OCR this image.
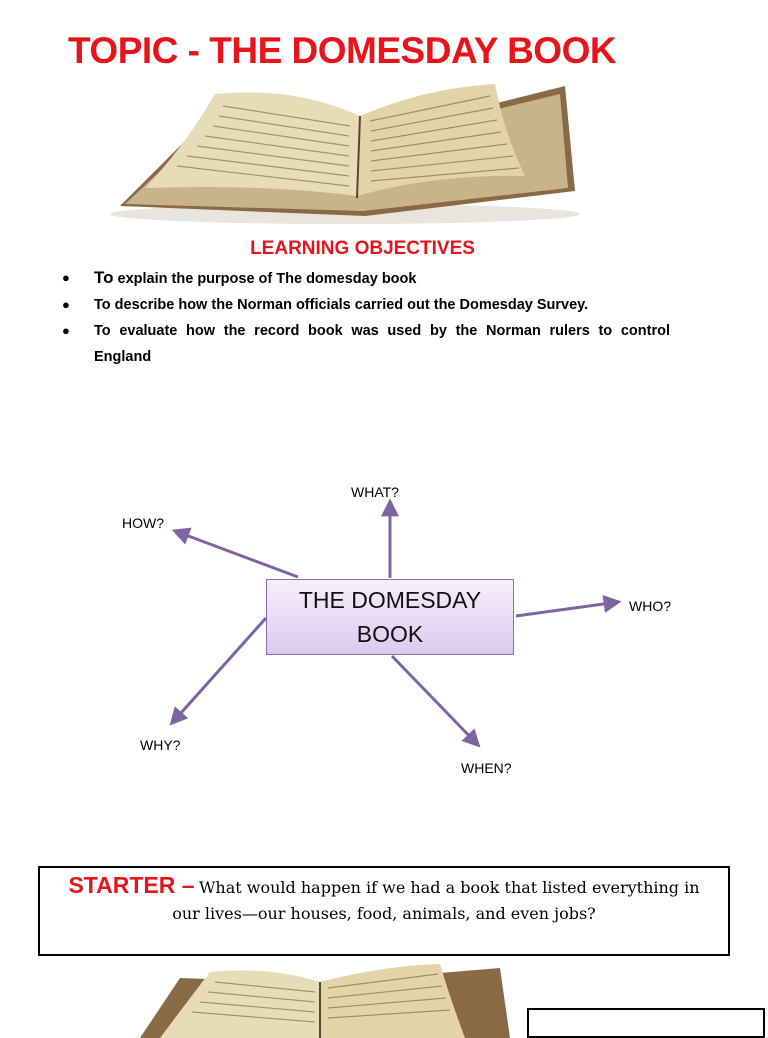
TOPIC - THE DOMESDAY BOOK
LEARNING OBJECTIVES
● To explain the purpose of The domesday book
● To describe how the Norman officials carried out the Domesday Survey.
● To evaluate how the record book was used by the Norman rulers to control England
WHAT?
HOW?
WHO?
WHY?
WHEN?
THE DOMESDAY BOOK
STARTER – What would happen if we had a book that listed everything in our lives—our houses, food, animals, and even jobs?
